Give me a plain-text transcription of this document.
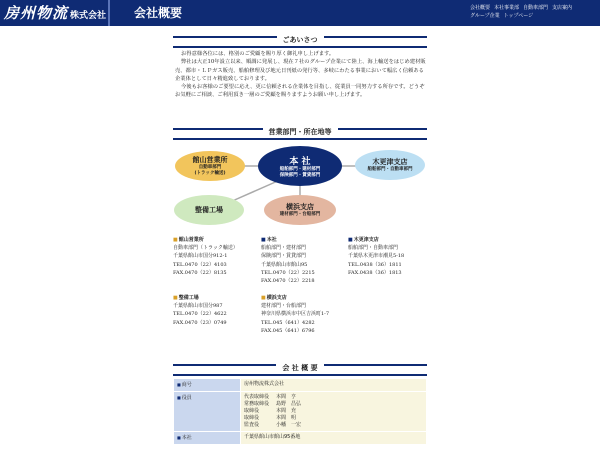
房州物流 株式会社 会社概要	会社概要 本社事業部 自動車部門 支店案内
グループ企業 トップページ
ごあいさつ

お得意様各位には、格別のご愛顧を賜り厚く御礼申し上げます。

弊社は大正10年設立以来、順調に発展し、現在７社のグループ企業にて陸上、海上輸送をはじめ建材販売、都市・ＬＰガス販売、船舶修理及び地元日刊紙の発行等、多岐にわたる事業において幅広く信頼ある企業体として日々精進致しております。

今後もお客様のご要望に応え、更に信頼される企業体を目指し、従業員一同努力する所存です。どうぞお気軽にご相談、ご利用頂き一層のご愛顧を賜りますようお願い申し上げます。

営業部門・所在地等
館山営業所
自動車部門
(トラック輸送)
本 社
船舶部門・建材部門
保険部門・賃貸部門
木更津支店
船舶部門・自動車部門
整備工場	横浜支店
建材部門・台船部門
■ 館山営業所
自動車部門（トラック輸送）
千葉県館山市国分912-1
TEL.0470（22）4103
FAX.0470（22）8135
■ 本社
船舶部門・建材部門
保険部門・賃貸部門
千葉県館山市館山95
TEL.0470（22）2215
FAX.0470（22）2218
■ 木更津支店
船舶部門・自動車部門
千葉県木更津市潮見5-18
TEL.0438（36）1811
FAX.0438（36）1813
■ 整備工場
千葉県館山市国分987
TEL.0470（22）4622
FAX.0470（23）0749
■ 横浜支店
建材部門・台船部門
神奈川県横浜市中区吉浜町1-7
TEL.045（641）4282
FAX.045（641）6796
会 社 概 要
■ 商号	房州物流株式会社
■ 役員	代表取締役 本間　亨
常務取締役 島野　昌弘
取締役 本間　充
取締役 本間　明
監査役 小幡　一宏

■ 本社	千葉県館山市館山95番地
